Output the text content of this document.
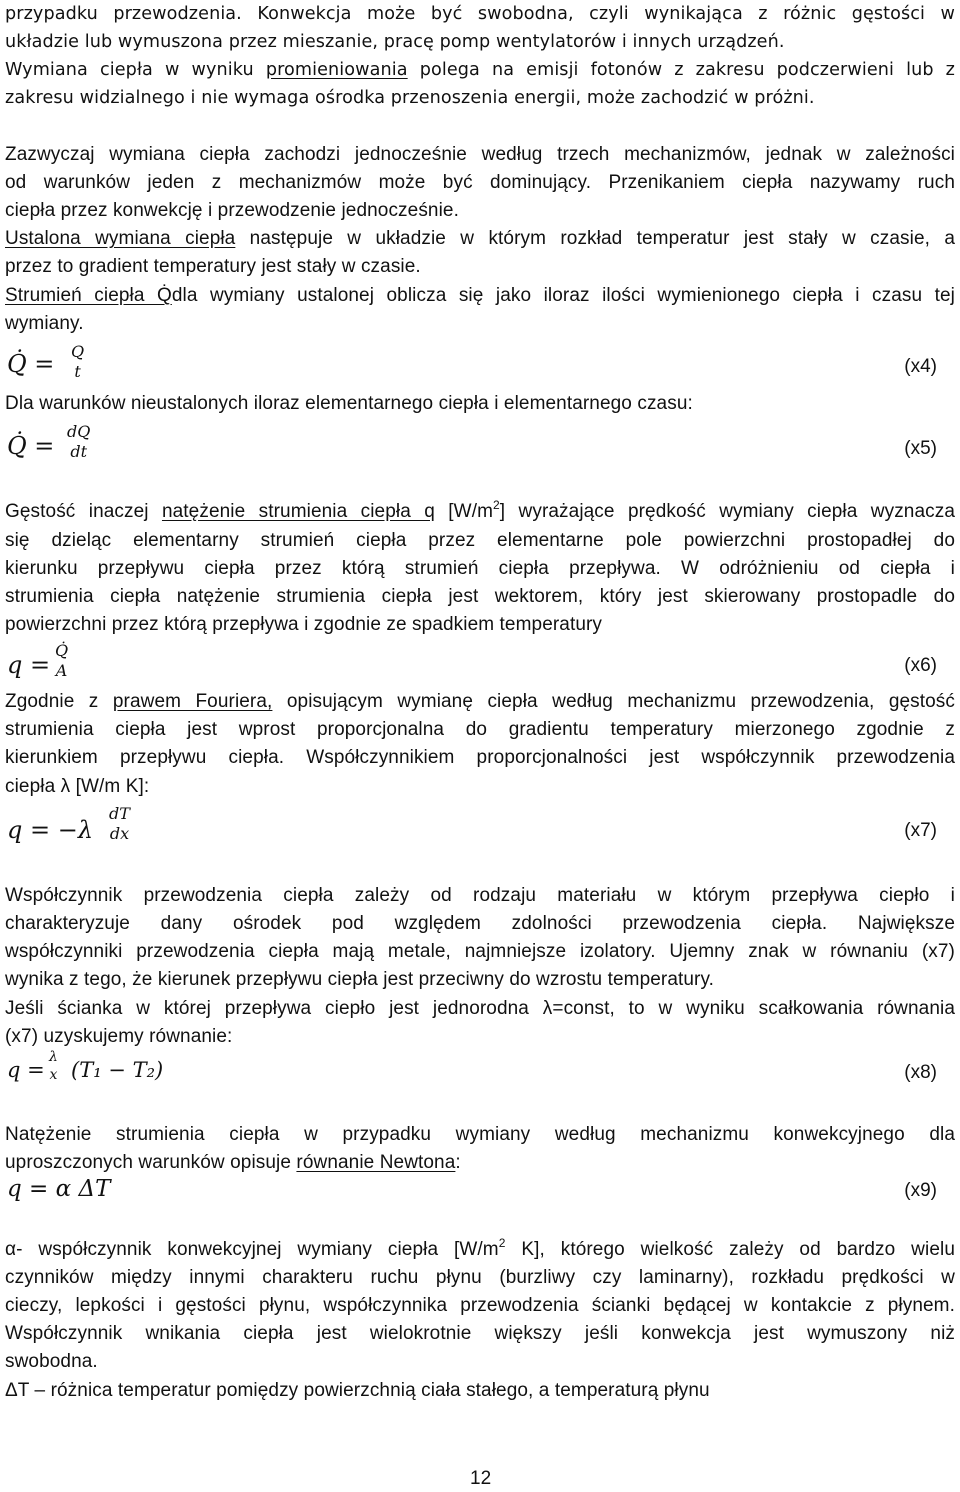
przypadku przewodzenia. Konwekcja może być swobodna, czyli wynikająca z różnic gęstości w
układzie lub wymuszona przez mieszanie, pracę pomp wentylatorów i innych urządzeń.
Wymiana ciepła w wyniku promieniowania polega na emisji fotonów z zakresu podczerwieni lub z
zakresu widzialnego i nie wymaga ośrodka przenoszenia energii, może zachodzić w próżni.
Zazwyczaj wymiana ciepła zachodzi jednocześnie według trzech mechanizmów, jednak w zależności
od warunków jeden z mechanizmów może być dominujący. Przenikaniem ciepła nazywamy ruch
ciepła przez konwekcję i przewodzenie jednocześnie.
Ustalona wymiana ciepła następuje w układzie w którym rozkład temperatur jest stały w czasie, a
przez to gradient temperatury jest stały w czasie.
Strumień ciepła Q̇dla wymiany ustalonej oblicza się jako iloraz ilości wymienionego ciepła i czasu tej
wymiany.
Q̇ = Q
t	(x4)
Dla warunków nieustalonych iloraz elementarnego ciepła i elementarnego czasu:
Q̇ =
dQ
dt	(x5)
Gęstość inaczej natężenie strumienia ciepła q $[W/m^2]$ wyrażające prędkość wymiany ciepła wyznacza
się dzieląc elementarny strumień ciepła przez elementarne pole powierzchni prostopadłej do
kierunku przepływu ciepła przez którą strumień ciepła przepływa. W odróżnieniu od ciepła i
strumienia ciepła natężenie strumienia ciepła jest wektorem, który jest skierowany prostopadle do
powierzchni przez którą przepływa i zgodnie ze spadkiem temperatury
q =
Q̇
A	(x6)
Zgodnie z prawem Fouriera, opisującym wymianę ciepła według mechanizmu przewodzenia, gęstość
strumienia ciepła jest wprost proporcjonalna do gradientu temperatury mierzonego zgodnie z
kierunkiem przepływu ciepła. Współczynnikiem proporcjonalności jest współczynnik przewodzenia
ciepła λ [W/m K]:
q = −λ
dT
dx	(x7)
Współczynnik przewodzenia ciepła zależy od rodzaju materiału w którym przepływa ciepło i
charakteryzuje dany ośrodek pod względem zdolności przewodzenia ciepła. Największe
współczynniki przewodzenia ciepła mają metale, najmniejsze izolatory. Ujemny znak w równaniu (x7)
wynika z tego, że kierunek przepływu ciepła jest przeciwny do wzrostu temperatury.
Jeśli ścianka w której przepływa ciepło jest jednorodna λ=const, to w wyniku scałkowania równania
(x7) uzyskujemy równanie:
q =
λ
x (T₁ − T₂)	(x8)
Natężenie strumienia ciepła w przypadku wymiany według mechanizmu konwekcyjnego dla
uproszczonych warunków opisuje równanie Newtona:
q = α ΔT	(x9)
α- współczynnik konwekcyjnej wymiany ciepła [$W/m^2$ K], którego wielkość zależy od bardzo wielu
czynników między innymi charakteru ruchu płynu (burzliwy czy laminarny), rozkładu prędkości w
cieczy, lepkości i gęstości płynu, współczynnika przewodzenia ścianki będącej w kontakcie z płynem.
Współczynnik wnikania ciepła jest wielokrotnie większy jeśli konwekcja jest wymuszony niż
swobodna.
ΔT – różnica temperatur pomiędzy powierzchnią ciała stałego, a temperaturą płynu
12
